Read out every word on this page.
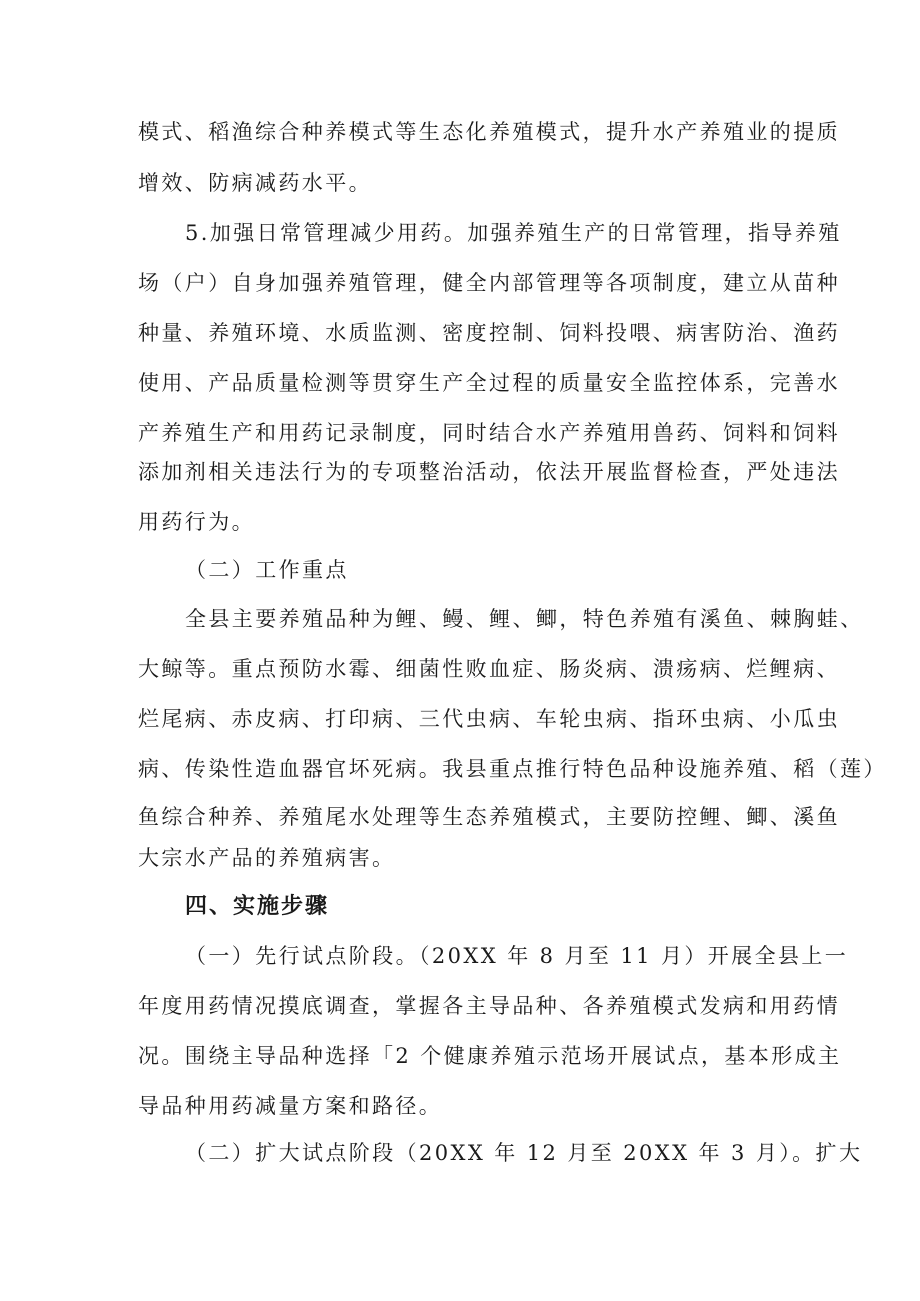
模式、稻渔综合种养模式等生态化养殖模式，提升水产养殖业的提质
增效、防病减药水平。
5.加强日常管理减少用药。加强养殖生产的日常管理，指导养殖
场（户）自身加强养殖管理，健全内部管理等各项制度，建立从苗种
种量、养殖环境、水质监测、密度控制、饲料投喂、病害防治、渔药
使用、产品质量检测等贯穿生产全过程的质量安全监控体系，完善水
产养殖生产和用药记录制度，同时结合水产养殖用兽药、饲料和饲料
添加剂相关违法行为的专项整治活动，依法开展监督检查，严处违法
用药行为。
（二）工作重点
全县主要养殖品种为鲤、鳗、鲤、鲫，特色养殖有溪鱼、棘胸蛙、
大鲸等。重点预防水霉、细菌性败血症、肠炎病、溃疡病、烂鲤病、
烂尾病、赤皮病、打印病、三代虫病、车轮虫病、指环虫病、小瓜虫
病、传染性造血器官坏死病。我县重点推行特色品种设施养殖、稻（莲）
鱼综合种养、养殖尾水处理等生态养殖模式，主要防控鲤、鲫、溪鱼
大宗水产品的养殖病害。
四、实施步骤
（一）先行试点阶段。（20XX 年 8 月至 11 月）开展全县上一
年度用药情况摸底调查，掌握各主导品种、各养殖模式发病和用药情
况。围绕主导品种选择「2 个健康养殖示范场开展试点，基本形成主
导品种用药减量方案和路径。
（二）扩大试点阶段（20XX 年 12 月至 20XX 年 3 月）。扩大
